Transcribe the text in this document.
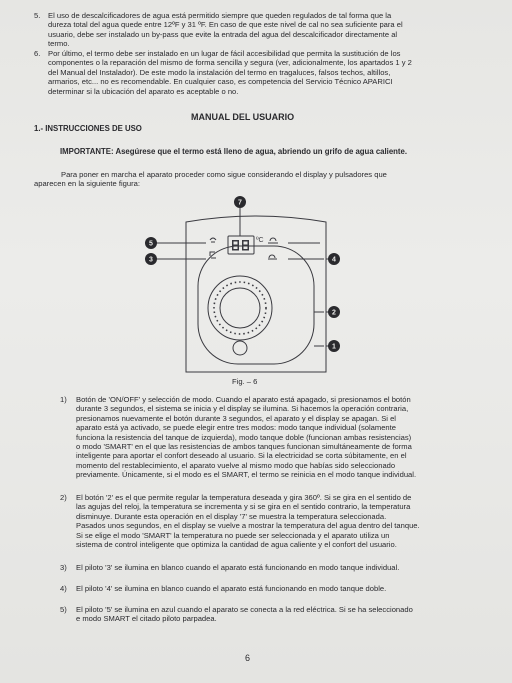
5. El uso de descalcificadores de agua está permitido siempre que queden regulados de tal forma que la
dureza total del agua quede entre 12ºF y 31 ºF. En caso de que este nivel de cal no sea suficiente para el
usuario, debe ser instalado un by-pass que evite la entrada del agua del descalcificador directamente al
termo.
6. Por último, el termo debe ser instalado en un lugar de fácil accesibilidad que permita la sustitución de los
componentes o la reparación del mismo de forma sencilla y segura (ver, adicionalmente, los apartados 1 y 2
del Manual del Instalador). De este modo la instalación del termo en tragaluces, falsos techos, altillos,
armarios, etc... no es recomendable. En cualquier caso, es competencia del Servicio Técnico APARICI
determinar si la ubicación del aparato es aceptable o no.
MANUAL DEL USUARIO
1.- INSTRUCCIONES DE USO
IMPORTANTE: Asegúrese que el termo está lleno de agua, abriendo un grifo de agua caliente.
Para poner en marcha el aparato proceder como sigue considerando el display y pulsadores que
aparecen en la siguiente figura:
ºC
7
5
3	4
2
1
Fig. – 6
1) Botón de 'ON/OFF' y selección de modo. Cuando el aparato está apagado, si presionamos el botón
durante 3 segundos, el sistema se inicia y el display se ilumina. Si hacemos la operación contraria,
presionamos nuevamente el botón durante 3 segundos, el aparato y el display se apagan. Si el
aparato está ya activado, se puede elegir entre tres modos: modo tanque individual (solamente
funciona la resistencia del tanque de izquierda), modo tanque doble (funcionan ambas resistencias)
o modo 'SMART' en el que las resistencias de ambos tanques funcionan simultáneamente de forma
inteligente para aportar el confort deseado al usuario. Si la electricidad se corta súbitamente, en el
momento del restablecimiento, el aparato vuelve al mismo modo que habías sido seleccionado
previamente. Únicamente, si el modo es el SMART, el termo se reinicia en el modo tanque individual.
2) El botón '2' es el que permite regular la temperatura deseada y gira 360º. Si se gira en el sentido de
las agujas del reloj, la temperatura se incrementa y si se gira en el sentido contrario, la temperatura
disminuye. Durante esta operación en el display '7' se muestra la temperatura seleccionada.
Pasados unos segundos, en el display se vuelve a mostrar la temperatura del agua dentro del tanque.
Si se elige el modo 'SMART' la temperatura no puede ser seleccionada y el aparato utiliza un
sistema de control inteligente que optimiza la cantidad de agua caliente y el confort del usuario.
3) El piloto '3' se ilumina en blanco cuando el aparato está funcionando en modo tanque individual.
4) El piloto '4' se ilumina en blanco cuando el aparato está funcionando en modo tanque doble.
5) El piloto '5' se ilumina en azul cuando el aparato se conecta a la red eléctrica. Si se ha seleccionado
e modo SMART el citado piloto parpadea.
6
